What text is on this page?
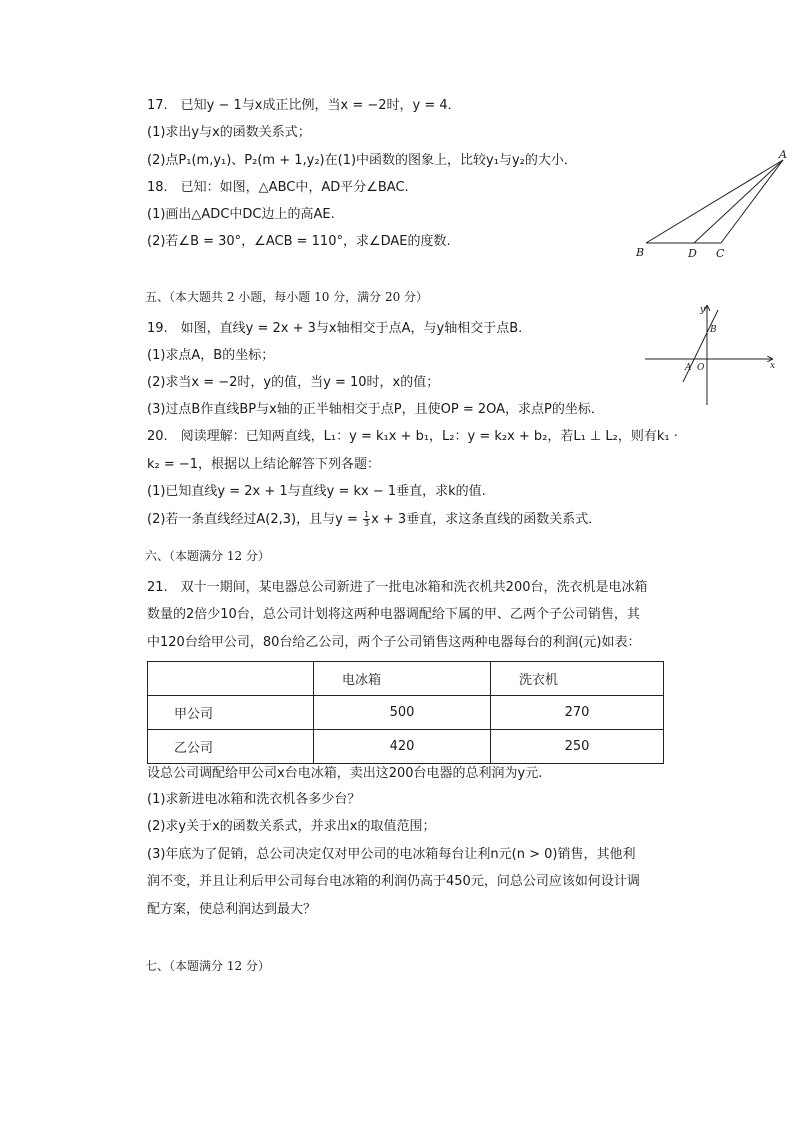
17.　已知y − 1与x成正比例，当x = −2时，y = 4．
(1)求出y与x的函数关系式；
(2)点P₁(m,y₁)、P₂(m + 1,y₂)在(1)中函数的图象上，比较y₁与y₂的大小．
18.　已知：如图，△ABC中，AD平分∠BAC.
(1)画出△ADC中DC边上的高AE.
(2)若∠B = 30°，∠ACB = 110°，求∠DAE的度数.
A
B	D C
五、（本大题共 2 小题，每小题 10 分，满分 20 分）
19.　如图，直线y = 2x + 3与x轴相交于点A，与y轴相交于点B.
(1)求点A，B的坐标；
(2)求当x = −2时，y的值，当y = 10时，x的值；
(3)过点B作直线BP与x轴的正半轴相交于点P，且使OP = 2OA，求点P的坐标．
y
x
B
A O
20.　阅读理解：已知两直线，L₁：y = k₁x + b₁，L₂：y = k₂x + b₂，若L₁ ⊥ L₂，则有k₁ ·
k₂ = −1，根据以上结论解答下列各题：
(1)已知直线y = 2x + 1与直线y = kx − 1垂直，求k的值.
(2)若一条直线经过A(2,3)，且与$y = \frac{1}{3}$ x + 3垂直，求这条直线的函数关系式．
六、（本题满分 12 分）
21.　双十一期间，某电器总公司新进了一批电冰箱和洗衣机共200台，洗衣机是电冰箱
数量的2倍少10台，总公司计划将这两种电器调配给下属的甲、乙两个子公司销售，其
中120台给甲公司，80台给乙公司，两个子公司销售这两种电器每台的利润(元)如表：
	电冰箱	洗衣机
甲公司	500	270
乙公司	420	250
设总公司调配给甲公司x台电冰箱，卖出这200台电器的总利润为y元.
(1)求新进电冰箱和洗衣机各多少台？
(2)求y关于x的函数关系式，并求出x的取值范围；
(3)年底为了促销，总公司决定仅对甲公司的电冰箱每台让利n元(n > 0)销售，其他利
润不变，并且让利后甲公司每台电冰箱的利润仍高于450元，问总公司应该如何设计调
配方案，使总利润达到最大？
七、（本题满分 12 分）
